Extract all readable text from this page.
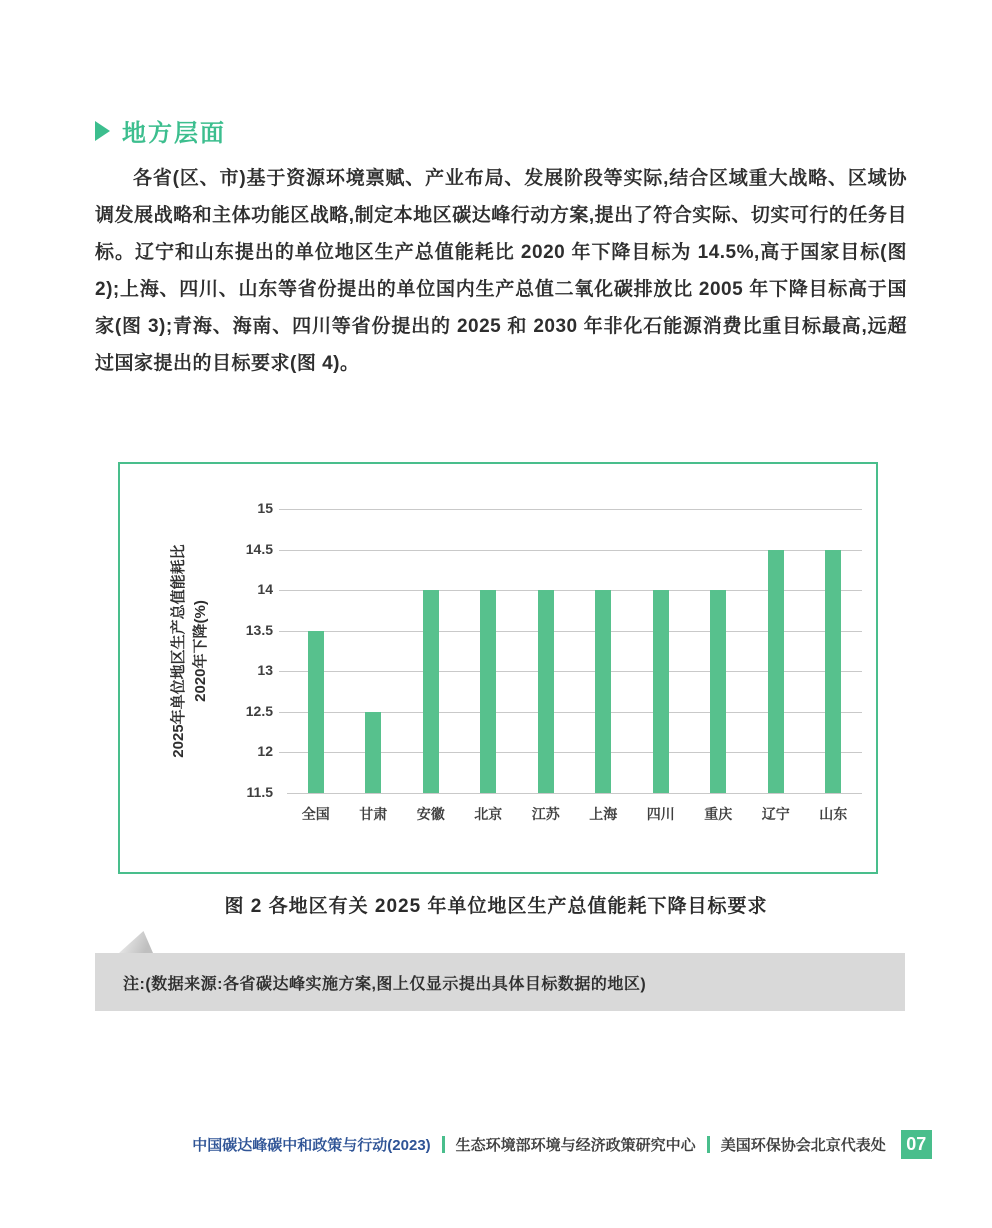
地方层面
各省(区、市)基于资源环境禀赋、产业布局、发展阶段等实际,结合区域重大战略、区域协调发展战略和主体功能区战略,制定本地区碳达峰行动方案,提出了符合实际、切实可行的任务目标。辽宁和山东提出的单位地区生产总值能耗比 2020 年下降目标为 14.5%,高于国家目标(图 2);上海、四川、山东等省份提出的单位国内生产总值二氧化碳排放比 2005 年下降目标高于国家(图 3);青海、海南、四川等省份提出的 2025 和 2030 年非化石能源消费比重目标最高,远超过国家提出的目标要求(图 4)。
2025年单位地区生产总值能耗比 2020年下降(%)
15
14.5
14
13.5
13
12.5
12
11.5
全国	甘肃	安徽	北京	江苏	上海	四川	重庆	辽宁	山东
图 2 各地区有关 2025 年单位地区生产总值能耗下降目标要求
注:(数据来源:各省碳达峰实施方案,图上仅显示提出具体目标数据的地区)
中国碳达峰碳中和政策与行动(2023) 生态环境部环境与经济政策研究中心 美国环保协会北京代表处	07
